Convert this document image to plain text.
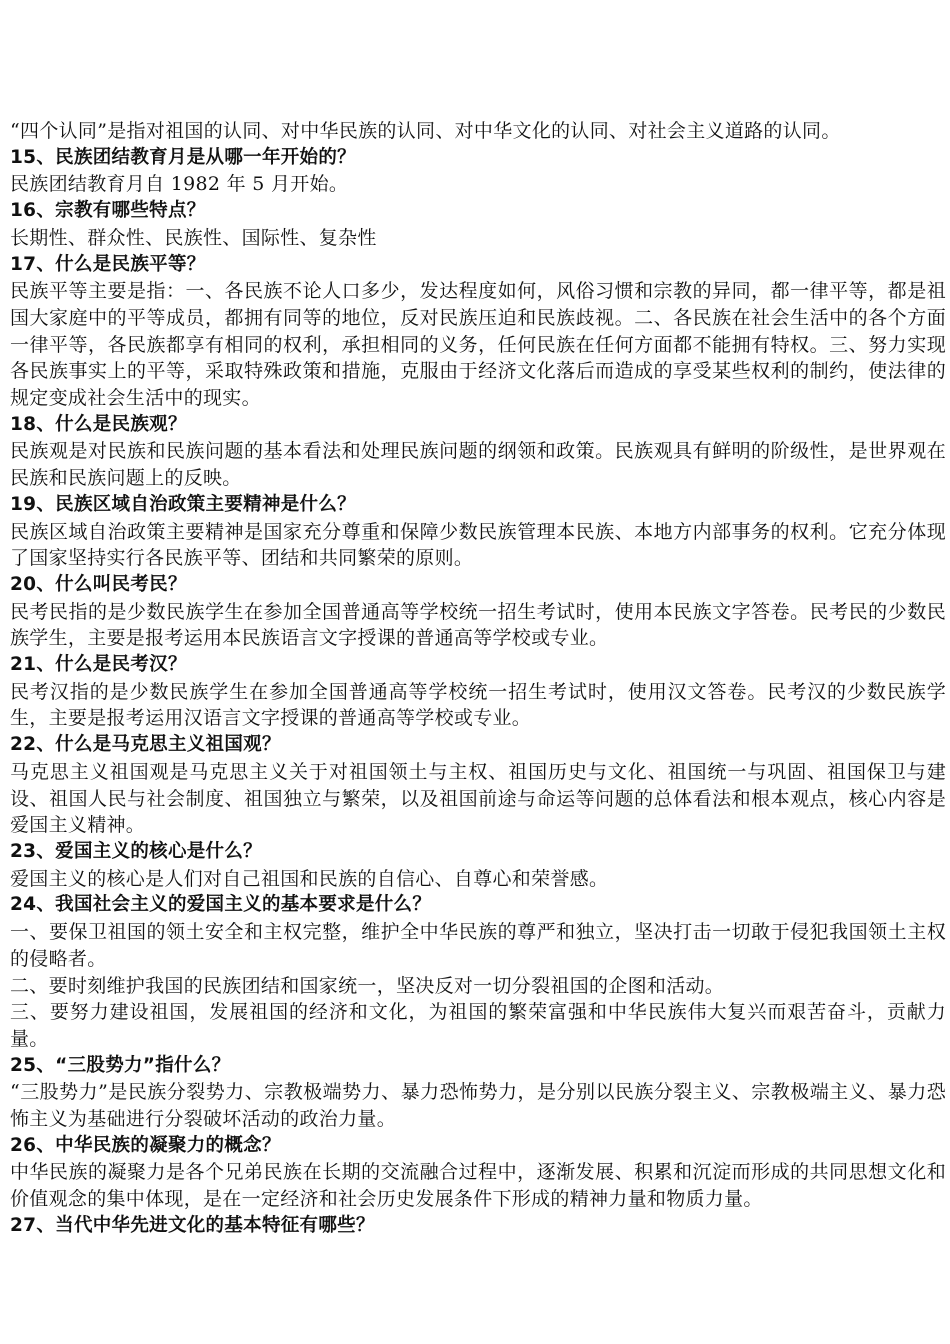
“四个认同”是指对祖国的认同、对中华民族的认同、对中华文化的认同、对社会主义道路的认同。

15、民族团结教育月是从哪一年开始的？

民族团结教育月自 1982 年 5 月开始。

16、宗教有哪些特点？

长期性、群众性、民族性、国际性、复杂性

17、什么是民族平等？

民族平等主要是指：一、各民族不论人口多少，发达程度如何，风俗习惯和宗教的异同，都一律平等，都是祖国大家庭中的平等成员，都拥有同等的地位，反对民族压迫和民族歧视。二、各民族在社会生活中的各个方面一律平等，各民族都享有相同的权利，承担相同的义务，任何民族在任何方面都不能拥有特权。三、努力实现各民族事实上的平等，采取特殊政策和措施，克服由于经济文化落后而造成的享受某些权利的制约，使法律的规定变成社会生活中的现实。

18、什么是民族观？

民族观是对民族和民族问题的基本看法和处理民族问题的纲领和政策。民族观具有鲜明的阶级性，是世界观在民族和民族问题上的反映。

19、民族区域自治政策主要精神是什么？

民族区域自治政策主要精神是国家充分尊重和保障少数民族管理本民族、本地方内部事务的权利。它充分体现了国家坚持实行各民族平等、团结和共同繁荣的原则。

20、什么叫民考民？

民考民指的是少数民族学生在参加全国普通高等学校统一招生考试时，使用本民族文字答卷。民考民的少数民族学生，主要是报考运用本民族语言文字授课的普通高等学校或专业。

21、什么是民考汉？

民考汉指的是少数民族学生在参加全国普通高等学校统一招生考试时，使用汉文答卷。民考汉的少数民族学生，主要是报考运用汉语言文字授课的普通高等学校或专业。

22、什么是马克思主义祖国观？

马克思主义祖国观是马克思主义关于对祖国领土与主权、祖国历史与文化、祖国统一与巩固、祖国保卫与建设、祖国人民与社会制度、祖国独立与繁荣，以及祖国前途与命运等问题的总体看法和根本观点，核心内容是爱国主义精神。

23、爱国主义的核心是什么？

爱国主义的核心是人们对自己祖国和民族的自信心、自尊心和荣誉感。

24、我国社会主义的爱国主义的基本要求是什么？

一、要保卫祖国的领土安全和主权完整，维护全中华民族的尊严和独立，坚决打击一切敢于侵犯我国领土主权的侵略者。

二、要时刻维护我国的民族团结和国家统一，坚决反对一切分裂祖国的企图和活动。

三、要努力建设祖国，发展祖国的经济和文化，为祖国的繁荣富强和中华民族伟大复兴而艰苦奋斗，贡献力量。

25、“三股势力”指什么？

“三股势力”是民族分裂势力、宗教极端势力、暴力恐怖势力，是分别以民族分裂主义、宗教极端主义、暴力恐怖主义为基础进行分裂破坏活动的政治力量。

26、中华民族的凝聚力的概念？

中华民族的凝聚力是各个兄弟民族在长期的交流融合过程中，逐渐发展、积累和沉淀而形成的共同思想文化和价值观念的集中体现，是在一定经济和社会历史发展条件下形成的精神力量和物质力量。

27、当代中华先进文化的基本特征有哪些？
